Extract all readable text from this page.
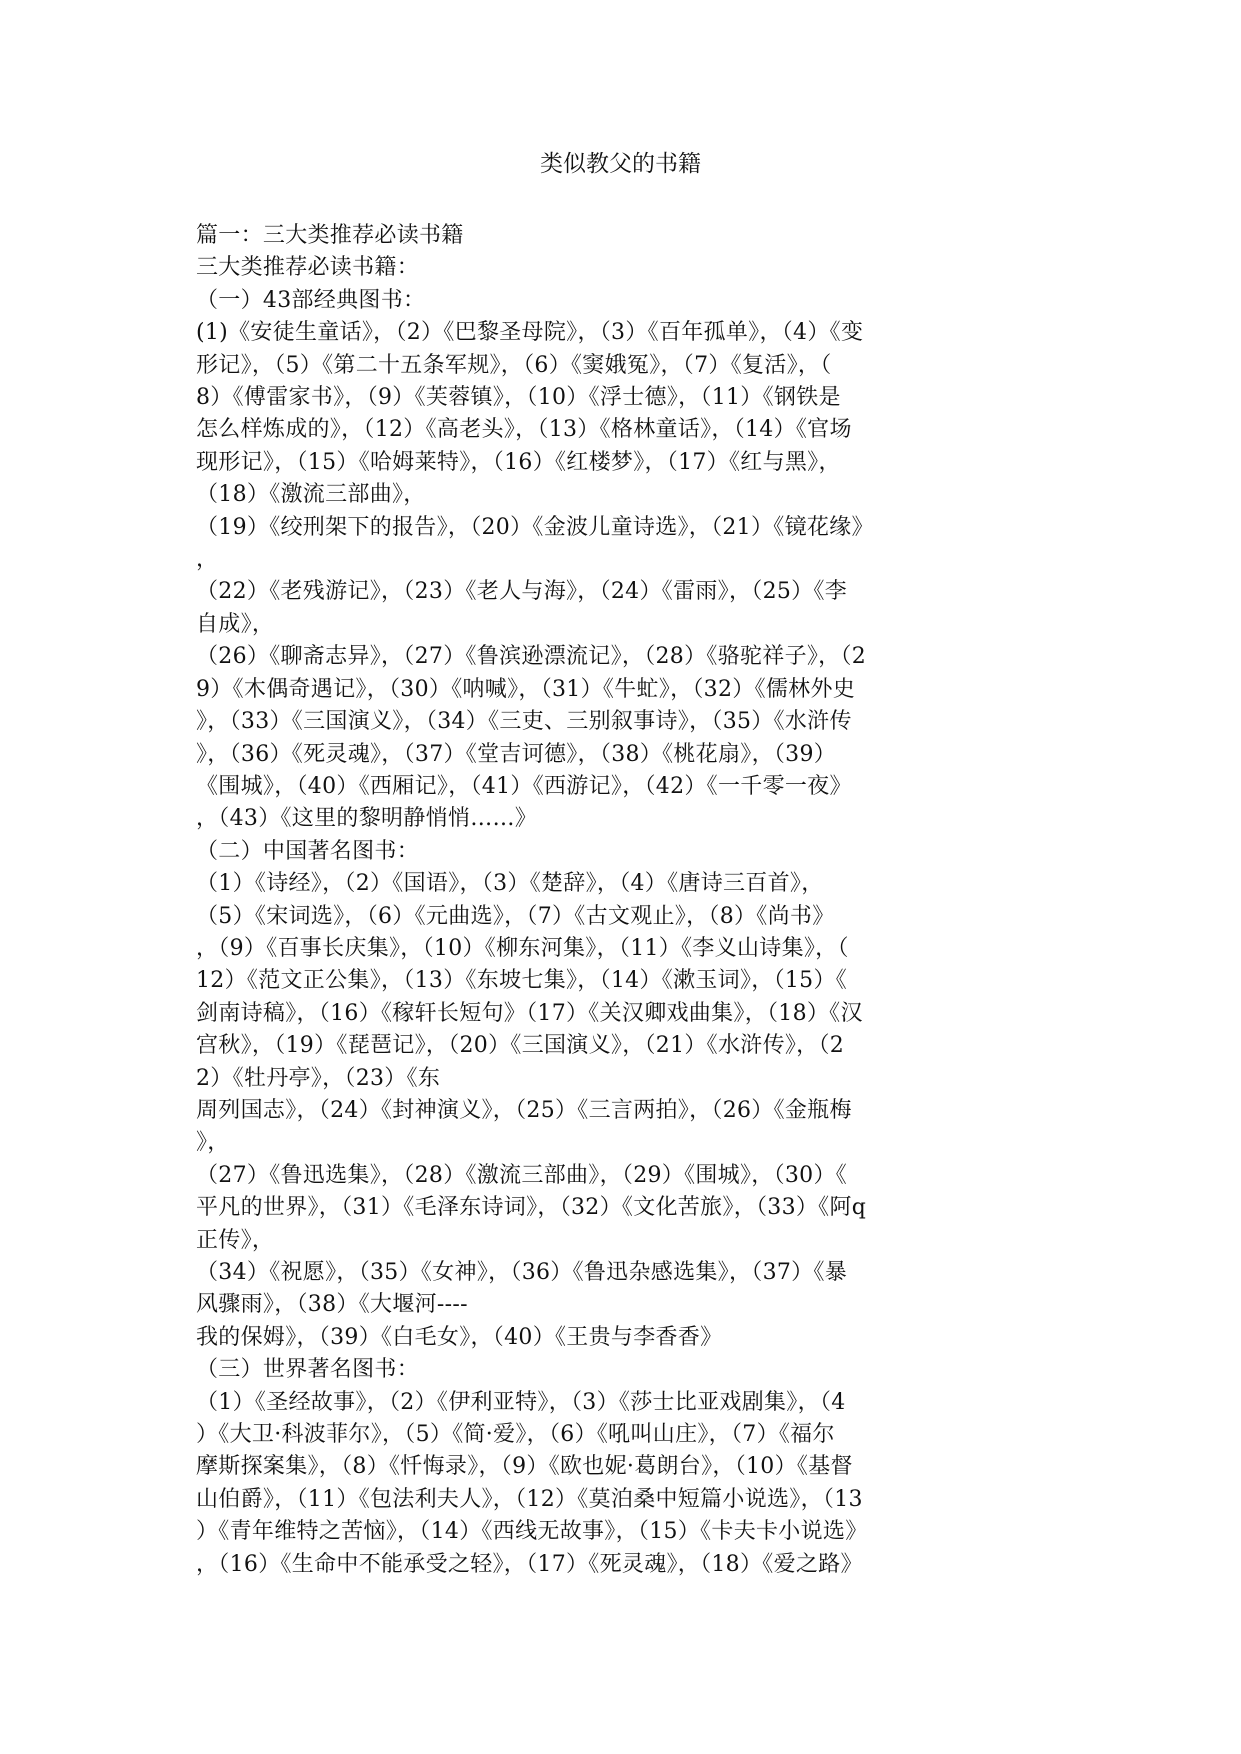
类似教父的书籍
篇一：三大类推荐必读书籍
三大类推荐必读书籍：
（一）43部经典图书：
(1)《安徒生童话》，（2）《巴黎圣母院》，（3）《百年孤单》，（4）《变
形记》，（5）《第二十五条军规》，（6）《窦娥冤》，（7）《复活》，（
8）《傅雷家书》，（9）《芙蓉镇》，（10）《浮士德》，（11）《钢铁是
怎么样炼成的》，（12）《高老头》，（13）《格林童话》，（14）《官场
现形记》，（15）《哈姆莱特》，（16）《红楼梦》，（17）《红与黑》，
（18）《激流三部曲》，
（19）《绞刑架下的报告》，（20）《金波儿童诗选》，（21）《镜花缘》
，
（22）《老残游记》，（23）《老人与海》，（24）《雷雨》，（25）《李
自成》，
（26）《聊斋志异》，（27）《鲁滨逊漂流记》，（28）《骆驼祥子》，（2
9）《木偶奇遇记》，（30）《呐喊》，（31）《牛虻》，（32）《儒林外史
》，（33）《三国演义》，（34）《三吏、三别叙事诗》，（35）《水浒传
》，（36）《死灵魂》，（37）《堂吉诃德》，（38）《桃花扇》，（39）
《围城》，（40）《西厢记》，（41）《西游记》，（42）《一千零一夜》
，（43）《这里的黎明静悄悄……》
（二）中国著名图书：
（1）《诗经》，（2）《国语》，（3）《楚辞》，（4）《唐诗三百首》，
（5）《宋词选》，（6）《元曲选》，（7）《古文观止》，（8）《尚书》
，（9）《百事长庆集》，（10）《柳东河集》，（11）《李义山诗集》，（
12）《范文正公集》，（13）《东坡七集》，（14）《漱玉词》，（15）《
剑南诗稿》，（16）《稼轩长短句》（17）《关汉卿戏曲集》，（18）《汉
宫秋》，（19）《琵琶记》，（20）《三国演义》，（21）《水浒传》，（2
2）《牡丹亭》，（23）《东
周列国志》，（24）《封神演义》，（25）《三言两拍》，（26）《金瓶梅
》，
（27）《鲁迅选集》，（28）《激流三部曲》，（29）《围城》，（30）《
平凡的世界》，（31）《毛泽东诗词》，（32）《文化苦旅》，（33）《阿q
正传》，
（34）《祝愿》，（35）《女神》，（36）《鲁迅杂感选集》，（37）《暴
风骤雨》，（38）《大堰河----
我的保姆》，（39）《白毛女》，（40）《王贵与李香香》
（三）世界著名图书：
（1）《圣经故事》，（2）《伊利亚特》，（3）《莎士比亚戏剧集》，（4
）《大卫·科波菲尔》，（5）《简·爱》，（6）《吼叫山庄》，（7）《福尔
摩斯探案集》，（8）《忏悔录》，（9）《欧也妮·葛朗台》，（10）《基督
山伯爵》，（11）《包法利夫人》，（12）《莫泊桑中短篇小说选》，（13
）《青年维特之苦恼》，（14）《西线无故事》，（15）《卡夫卡小说选》
，（16）《生命中不能承受之轻》，（17）《死灵魂》，（18）《爱之路》
